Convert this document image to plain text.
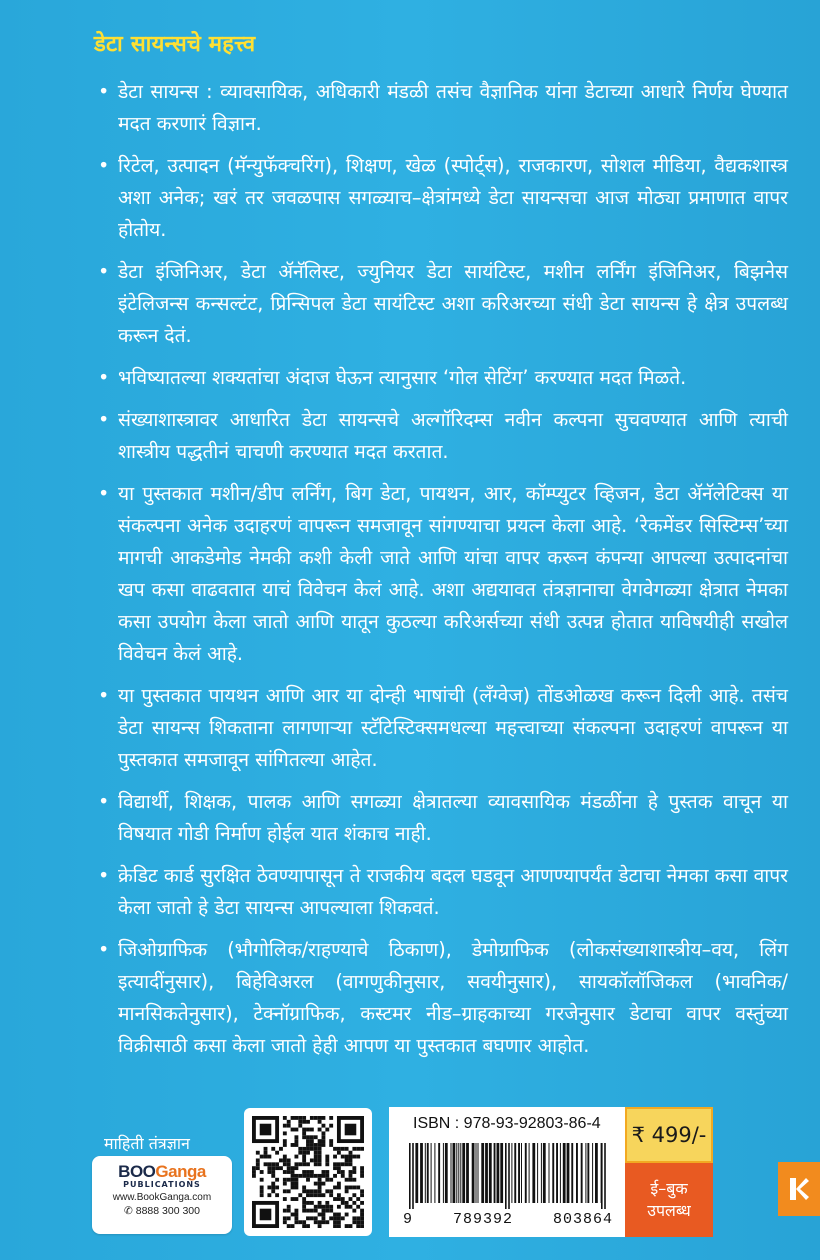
डेटा सायन्सचे महत्त्व
• डेटा सायन्स : व्यावसायिक, अधिकारी मंडळी तसंच वैज्ञानिक यांना डेटाच्या आधारे निर्णय घेण्यात मदत करणारं विज्ञान.
• रिटेल, उत्पादन (मॅन्युफॅक्चरिंग), शिक्षण, खेळ (स्पोर्ट्स), राजकारण, सोशल मीडिया, वैद्यकशास्त्र अशा अनेक; खरं तर जवळपास सगळ्याच–क्षेत्रांमध्ये डेटा सायन्सचा आज मोठ्या प्रमाणात वापर होतोय.
• डेटा इंजिनिअर, डेटा ॲनॅलिस्ट, ज्युनियर डेटा सायंटिस्ट, मशीन लर्निंग इंजिनिअर, बिझनेस इंटेलिजन्स कन्सल्टंट, प्रिन्सिपल डेटा सायंटिस्ट अशा करिअरच्या संधी डेटा सायन्स हे क्षेत्र उपलब्ध करून देतं.
• भविष्यातल्या शक्यतांचा अंदाज घेऊन त्यानुसार ‘गोल सेटिंग’ करण्यात मदत मिळते.
• संख्याशास्त्रावर आधारित डेटा सायन्सचे अल्गॉरिदम्स नवीन कल्पना सुचवण्यात आणि त्याची शास्त्रीय पद्धतीनं चाचणी करण्यात मदत करतात.
• या पुस्तकात मशीन/डीप लर्निंग, बिग डेटा, पायथन, आर, कॉम्प्युटर व्हिजन, डेटा ॲनॅलेटिक्स या संकल्पना अनेक उदाहरणं वापरून समजावून सांगण्याचा प्रयत्न केला आहे. ‘रेकमेंडर सिस्टिम्स’च्या मागची आकडेमोड नेमकी कशी केली जाते आणि यांचा वापर करून कंपन्या आपल्या उत्पादनांचा खप कसा वाढवतात याचं विवेचन केलं आहे. अशा अद्ययावत तंत्रज्ञानाचा वेगवेगळ्या क्षेत्रात नेमका कसा उपयोग केला जातो आणि यातून कुठल्या करिअर्सच्या संधी उत्पन्न होतात याविषयीही सखोल विवेचन केलं आहे.
• या पुस्तकात पायथन आणि आर या दोन्ही भाषांची (लँग्वेज) तोंडओळख करून दिली आहे. तसंच डेटा सायन्स शिकताना लागणाऱ्या स्टॅटिस्टिक्समधल्या महत्त्वाच्या संकल्पना उदाहरणं वापरून या पुस्तकात समजावून सांगितल्या आहेत.
• विद्यार्थी, शिक्षक, पालक आणि सगळ्या क्षेत्रातल्या व्यावसायिक मंडळींना हे पुस्तक वाचून या विषयात गोडी निर्माण होईल यात शंकाच नाही.
• क्रेडिट कार्ड सुरक्षित ठेवण्यापासून ते राजकीय बदल घडवून आणण्यापर्यंत डेटाचा नेमका कसा वापर केला जातो हे डेटा सायन्स आपल्याला शिकवतं.
• जिओग्राफिक (भौगोलिक/राहण्याचे ठिकाण), डेमोग्राफिक (लोकसंख्याशास्त्रीय–वय, लिंग इत्यादींनुसार), बिहेविअरल (वागणुकीनुसार, सवयीनुसार), सायकॉलॉजिकल (भावनिक/मानसिकतेनुसार), टेक्नॉग्राफिक, कस्टमर नीड–ग्राहकाच्या गरजेनुसार डेटाचा वापर वस्तुंच्या विक्रीसाठी कसा केला जातो हेही आपण या पुस्तकात बघणार आहोत.
माहिती तंत्रज्ञान
BOOGanga
PUBLICATIONS
www.BookGanga.com
✆ 8888 300 300
ISBN : 978-93-92803-86-4
9	789392	803864
₹ 499/-
ई–बुक
उपलब्ध
